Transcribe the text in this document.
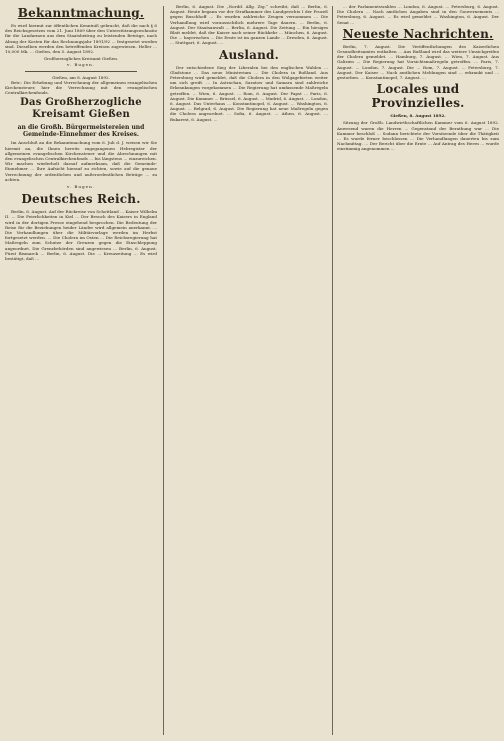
Bekanntmachung.

Es wird hiermit zur öffentlichen Kenntniß gebracht, daß die nach § 6 des Reichsgesetzes vom 21. Juni 1869 über den Unterstützungswohnsitz für die Landarmen aus dem Staatsbeitrag zu leistenden Beträge, nach Abzug der Kosten für das Rechnungsjahr 1891/92 ... festgesetzt worden sind. Dieselben werden den betreffenden Kreisen zugewiesen. Heller ... 10,000 Mk. ... Gießen, den 5. August 1892.

Großherzogliches Kreisamt Gießen.
v. Bugen.
Gießen, am 8. August 1892.

Betr.: Die Erhebung und Verrechnung der allgemeinen evangelischen Kirchensteuer, hier die Verrechnung mit den evangelischen Centralkirchenfonds.

Das Großherzogliche Kreisamt Gießen
an die Großh. Bürgermeistereien und Gemeinde-Einnehmer des Kreises.

Im Anschluß an die Bekanntmachung vom 6. Juli d. J. weisen wir Sie hiermit an, die Ihnen bereits zugegangenen Hebregister der allgemeinen evangelischen Kirchensteuer und die Abrechnungen mit den evangelischen Centralkirchenfonds ... bis längstens ... einzureichen. Wir machen wiederholt darauf aufmerksam, daß die Gemeinde-Einnehmer ... Ihre Aufsicht hierauf zu richten, sowie auf die genaue Verrechnung der ordentlichen und außerordentlichen Beträge ... zu achten.

v. Bugen.
Deutsches Reich.

Berlin, 6. August. Auf der Rückreise von Schottland ... Kaiser Wilhelm II. ... Die Feierlichkeiten in Kiel ... Der Besuch des Kaisers in England wird in der dortigen Presse eingehend besprochen. Die Bedeutung der Reise für die Beziehungen beider Länder wird allgemein anerkannt. ... Die Verhandlungen über die Militärvorlage werden im Herbst fortgesetzt werden. ... Die Cholera im Osten ... Die Reichsregierung hat Maßregeln zum Schutze der Grenzen gegen die Einschleppung angeordnet. Die Grenzbehörden sind angewiesen ... Berlin, 6. August. Fürst Bismarck ... Berlin, 6. August. Die ... Kreuzzeitung ... Es wird bestätigt, daß ...

Berlin, 6. August. Die „Nordd. Allg. Ztg.“ schreibt, daß ... Berlin, 6. August. Heute begann vor der Strafkammer des Landgerichts I der Prozeß gegen Buschhoff ... Es wurden zahlreiche Zeugen vernommen ... Die Verhandlung wird voraussichtlich mehrere Tage dauern. ... Berlin, 6. August. Der Staatsanwalt ... Berlin, 6. August. Die Zeitung ... Ein hiesiges Blatt meldet, daß der Kaiser nach seiner Rückkehr ... München, 6. August. Die ... bayerischen ... Die Ernte ist im ganzen Lande ... Dresden, 6. August. ... Stuttgart, 6. August. ...

Ausland.

Der entschiedene Sieg der Liberalen bei den englischen Wahlen ... Gladstone ... Das neue Ministerium ... Die Cholera in Rußland. Aus Petersburg wird gemeldet, daß die Cholera in den Wolgagebieten weiter um sich greift. ... In Astrachan, Saratow und Samara sind zahlreiche Erkrankungen vorgekommen ... Die Regierung hat umfassende Maßregeln getroffen. ... Wien, 6. August. ... Rom, 6. August. Der Papst ... Paris, 6. August. Die Kammer ... Brüssel, 6. August. ... Madrid, 6. August. ... London, 6. August. Das Unterhaus ... Konstantinopel, 6. August. ... Washington, 6. August. ... Belgrad, 6. August. Die Regierung hat neue Maßregeln gegen die Cholera angeordnet. ... Sofia, 6. August. ... Athen, 6. August. ... Bukarest, 6. August. ...

... der Parlamentswahlen ... London, 6. August. ... Petersburg, 6. August. Die Cholera ... Nach amtlichen Angaben sind in den Gouvernements ... Petersburg, 6. August. ... Es wird gemeldet ... Washington, 6. August. Der Senat ...

Neueste Nachrichten.

Berlin, 7. August. Die Veröffentlichungen des Kaiserlichen Gesundheitsamtes enthalten ... Aus Rußland wird das weitere Umsichgreifen der Cholera gemeldet. ... Hamburg, 7. August. ... Wien, 7. August. Aus Galizien ... Die Regierung hat Vorsichtsmaßregeln getroffen. ... Paris, 7. August. ... London, 7. August. Die ... Rom, 7. August. ... Petersburg, 7. August. Der Kaiser ... Nach amtlichen Meldungen sind ... erkrankt und ... gestorben. ... Konstantinopel, 7. August. ...

Locales und Provinzielles.
Gießen, 8. August 1892.

Sitzung der Großh. Landwirthschaftlichen Kammer vom 6. August 1892. Anwesend waren die Herren ... Gegenstand der Berathung war ... Die Kammer beschloß ... Sodann berichtete der Vorsitzende über die Thätigkeit ... Es wurde ferner beschlossen ... Die Verhandlungen dauerten bis zum Nachmittag. ... Der Bericht über die Ernte ... Auf Antrag des Herrn ... wurde einstimmig angenommen ...
